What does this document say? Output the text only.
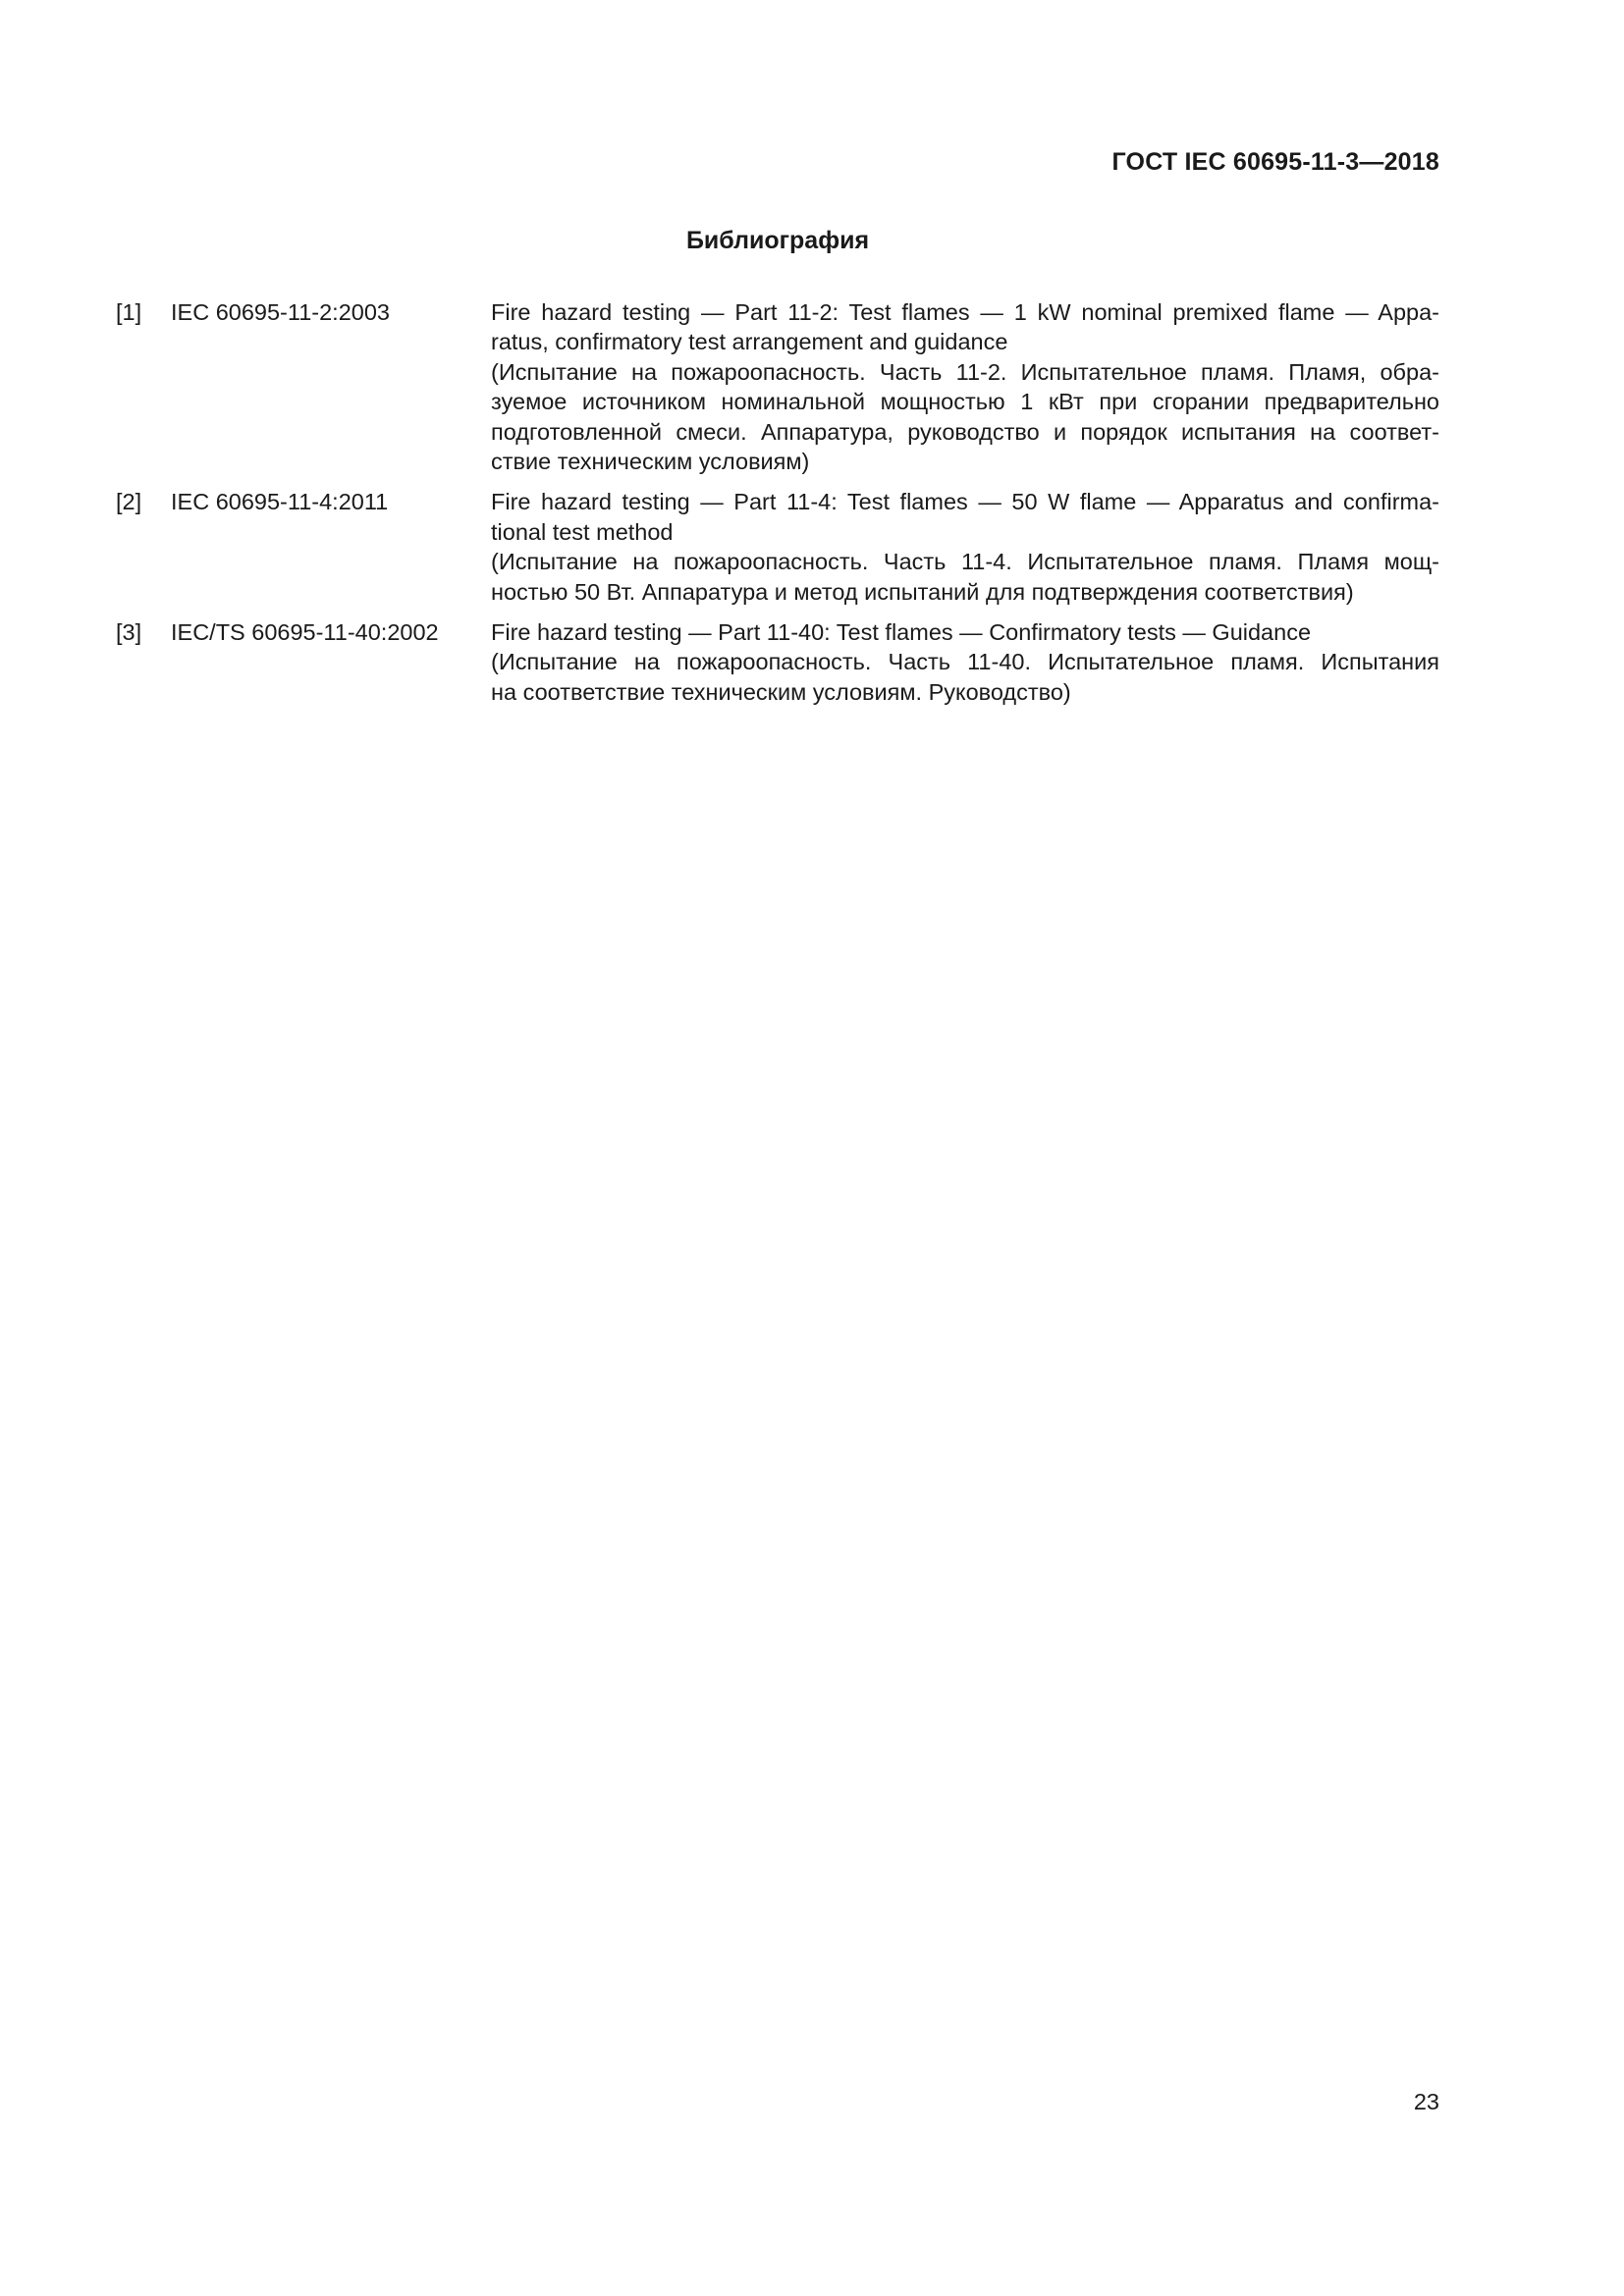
ГОСТ IEC 60695-11-3—2018
Библиография
[1]	IEC 60695-11-2:2003	Fire hazard testing — Part 11-2: Test flames — 1 kW nominal premixed flame — Appa-
ratus, confirmatory test arrangement and guidance
(Испытание на пожароопасность. Часть 11-2. Испытательное пламя. Пламя, обра-
зуемое источником номинальной мощностью 1 кВт при сгорании предварительно
подготовленной смеси. Аппаратура, руководство и порядок испытания на соответ-
ствие техническим условиям)
[2]	IEC 60695-11-4:2011	Fire hazard testing — Part 11-4: Test flames — 50 W flame — Apparatus and confirma-
tional test method
(Испытание на пожароопасность. Часть 11-4. Испытательное пламя. Пламя мощ-
ностью 50 Вт. Аппаратура и метод испытаний для подтверждения соответствия)
[3]	IEC/TS 60695-11-40:2002	Fire hazard testing — Part 11-40: Test flames — Confirmatory tests — Guidance
(Испытание на пожароопасность. Часть 11-40. Испытательное пламя. Испытания
на соответствие техническим условиям. Руководство)
23
